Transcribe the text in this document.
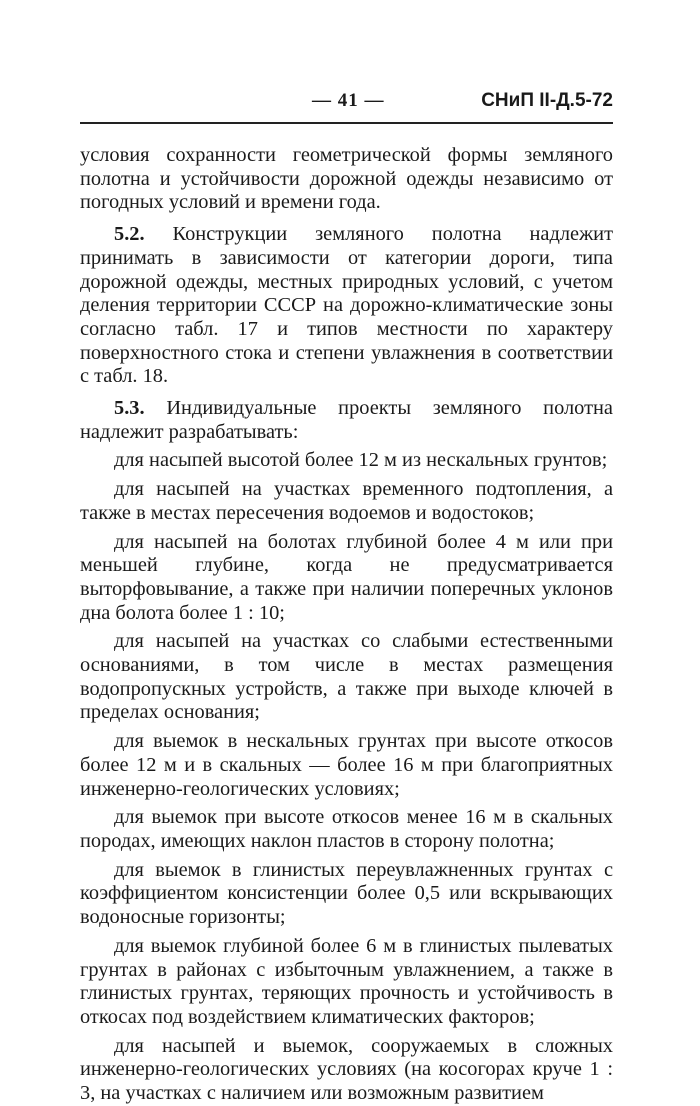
— 41 —	СНиП II-Д.5-72

условия сохранности геометрической формы земляного полотна и устойчивости дорожной одежды независимо от погодных условий и времени года.

5.2. Конструкции земляного полотна надлежит принимать в зависимости от категории дороги, типа дорожной одежды, местных природных условий, с учетом деления территории СССР на дорожно-климатические зоны согласно табл. 17 и типов местности по характеру поверхностного стока и степени увлажнения в соответствии с табл. 18.

5.3. Индивидуальные проекты земляного полотна надлежит разрабатывать:

для насыпей высотой более 12 м из нескальных грунтов;

для насыпей на участках временного подтопления, а также в местах пересечения водоемов и водостоков;

для насыпей на болотах глубиной более 4 м или при меньшей глубине, когда не предусматривается выторфовывание, а также при наличии поперечных уклонов дна болота более 1 : 10;

для насыпей на участках со слабыми естественными основаниями, в том числе в местах размещения водопропускных устройств, а также при выходе ключей в пределах основания;

для выемок в нескальных грунтах при высоте откосов более 12 м и в скальных — более 16 м при благоприятных инженерно-геологических условиях;

для выемок при высоте откосов менее 16 м в скальных породах, имеющих наклон пластов в сторону полотна;

для выемок в глинистых переувлажненных грунтах с коэффициентом консистенции более 0,5 или вскрывающих водоносные горизонты;

для выемок глубиной более 6 м в глинистых пылеватых грунтах в районах с избыточным увлажнением, а также в глинистых грунтах, теряющих прочность и устойчивость в откосах под воздействием климатических факторов;

для насыпей и выемок, сооружаемых в сложных инженерно-геологических условиях (на косогорах круче 1 : 3, на участках с наличием или возможным развитием
